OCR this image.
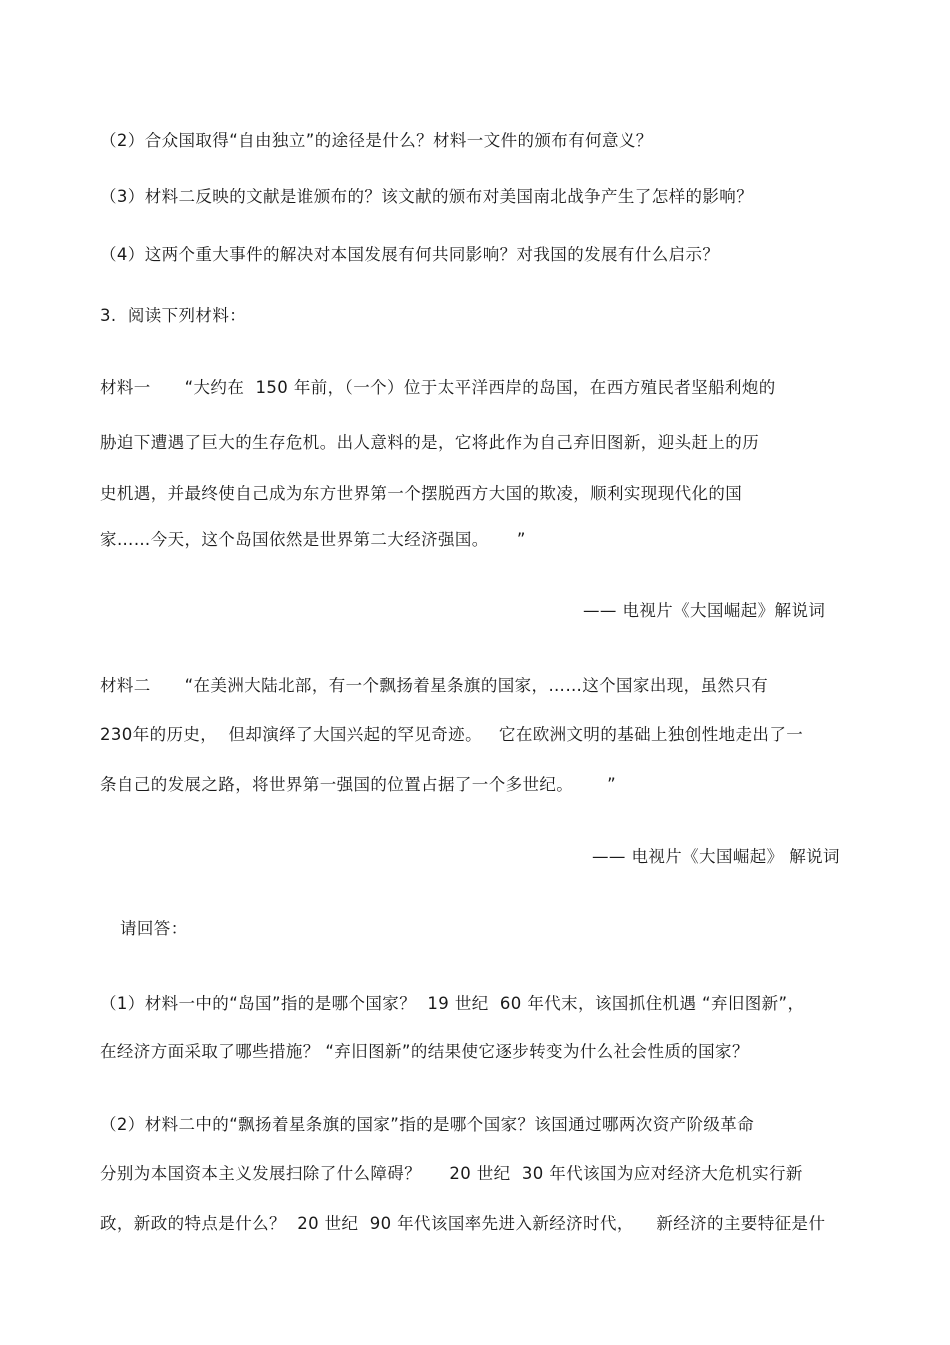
（2）合众国取得“自由独立”的途径是什么？材料一文件的颁布有何意义？
（3）材料二反映的文献是谁颁布的？该文献的颁布对美国南北战争产生了怎样的影响？
（4）这两个重大事件的解决对本国发展有何共同影响？对我国的发展有什么启示？
3.  阅读下列材料：
材料一      “大约在  150 年前，（一个）位于太平洋西岸的岛国，在西方殖民者坚船利炮的
胁迫下遭遇了巨大的生存危机。出人意料的是，它将此作为自己弃旧图新，迎头赶上的历
史机遇，并最终使自己成为东方世界第一个摆脱西方大国的欺凌，顺利实现现代化的国
家……今天，这个岛国依然是世界第二大经济强国。     ”
—— 电视片《大国崛起》解说词
材料二      “在美洲大陆北部，有一个飘扬着星条旗的国家，……这个国家出现，虽然只有
230年的历史，  但却演绎了大国兴起的罕见奇迹。   它在欧洲文明的基础上独创性地走出了一
条自己的发展之路，将世界第一强国的位置占据了一个多世纪。      ”
—— 电视片《大国崛起》 解说词
请回答：
（1）材料一中的“岛国”指的是哪个国家？  19 世纪  60 年代末，该国抓住机遇 “弃旧图新”，
在经济方面采取了哪些措施？ “弃旧图新”的结果使它逐步转变为什么社会性质的国家？
（2）材料二中的“飘扬着星条旗的国家”指的是哪个国家？该国通过哪两次资产阶级革命
分别为本国资本主义发展扫除了什么障碍？     20 世纪  30 年代该国为应对经济大危机实行新
政，新政的特点是什么？  20 世纪  90 年代该国率先进入新经济时代，    新经济的主要特征是什
